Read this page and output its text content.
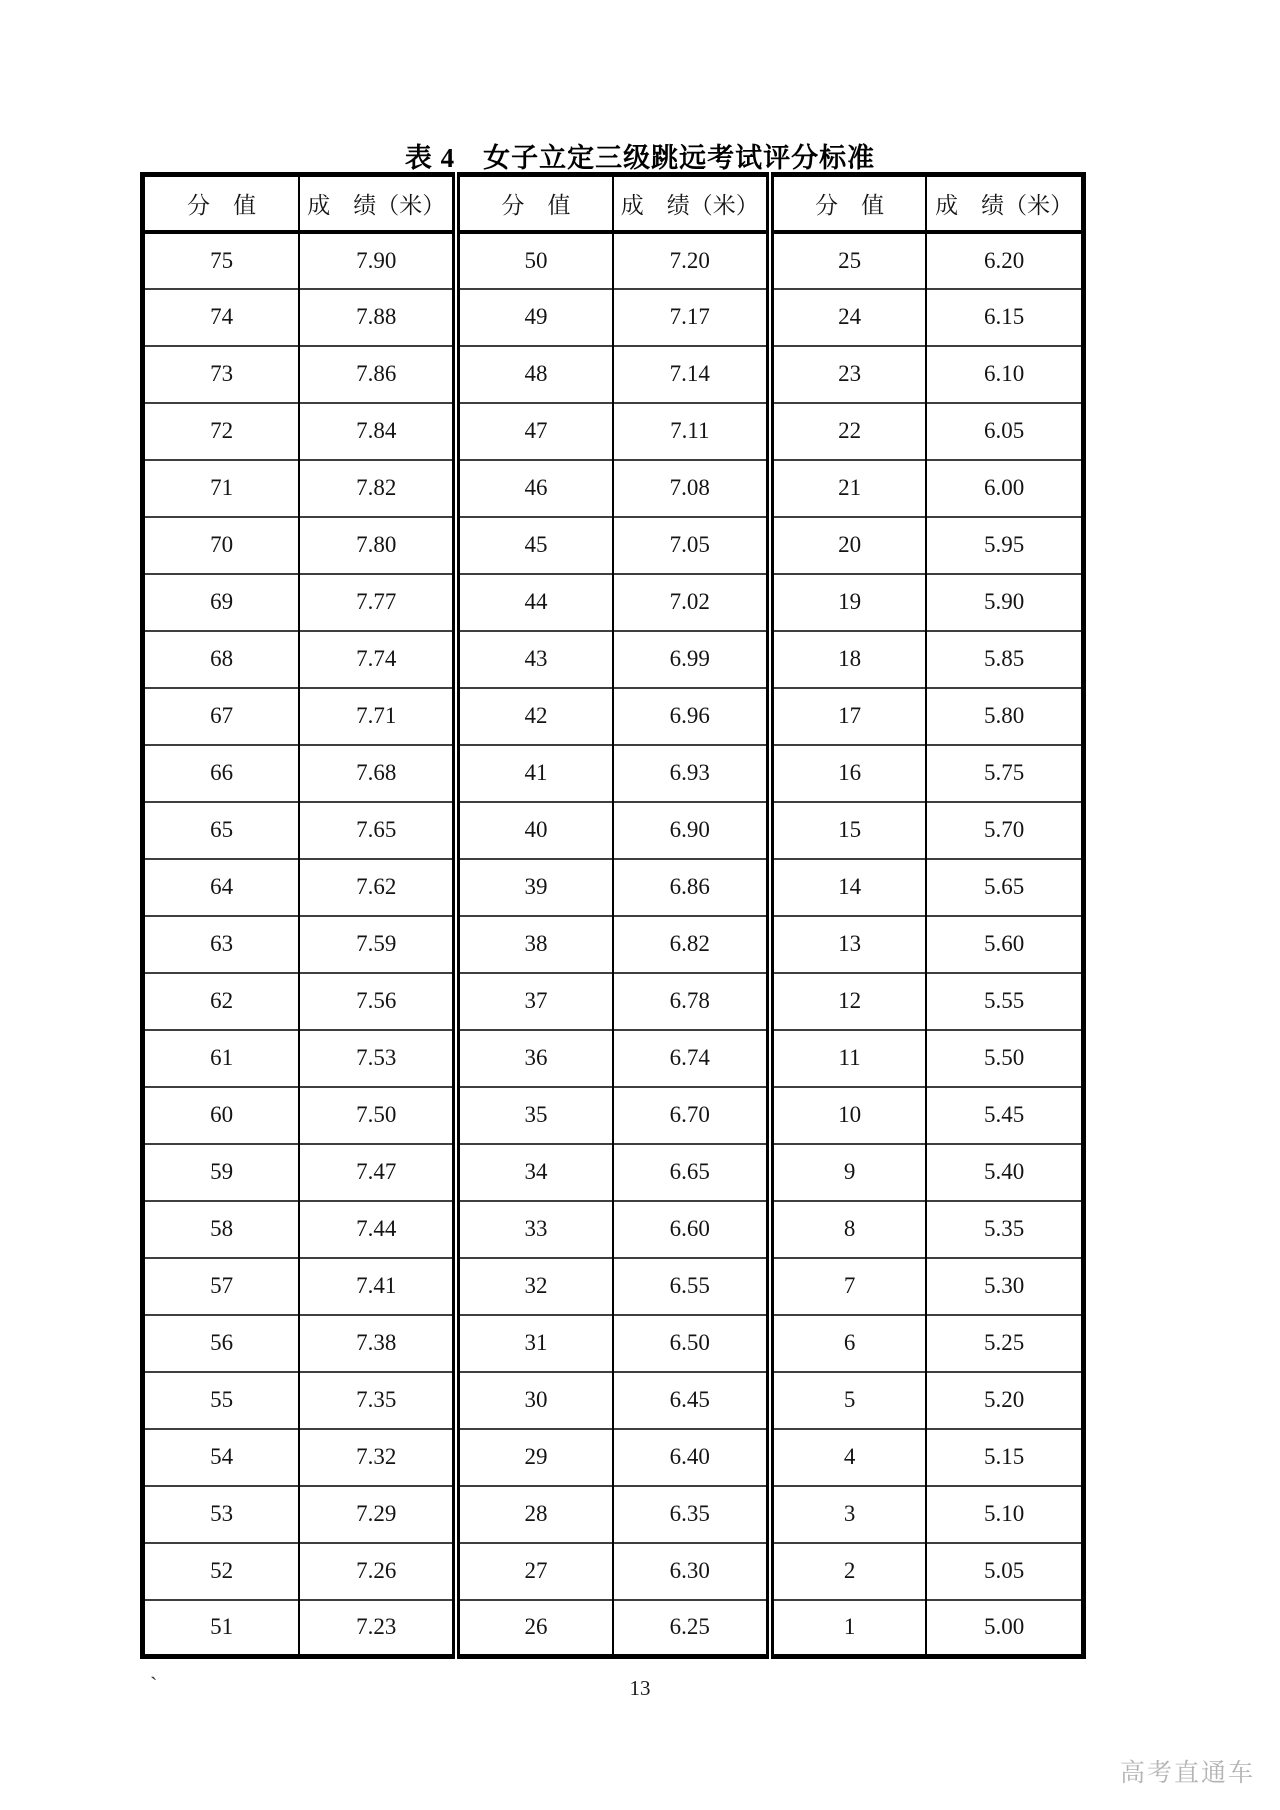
表 4　女子立定三级跳远考试评分标准
分　值	成　绩（米）	分　值	成　绩（米）	分　值	成　绩（米）
75	7.90	50	7.20	25	6.20
74	7.88	49	7.17	24	6.15
73	7.86	48	7.14	23	6.10
72	7.84	47	7.11	22	6.05
71	7.82	46	7.08	21	6.00
70	7.80	45	7.05	20	5.95
69	7.77	44	7.02	19	5.90
68	7.74	43	6.99	18	5.85
67	7.71	42	6.96	17	5.80
66	7.68	41	6.93	16	5.75
65	7.65	40	6.90	15	5.70
64	7.62	39	6.86	14	5.65
63	7.59	38	6.82	13	5.60
62	7.56	37	6.78	12	5.55
61	7.53	36	6.74	11	5.50
60	7.50	35	6.70	10	5.45
59	7.47	34	6.65	9	5.40
58	7.44	33	6.60	8	5.35
57	7.41	32	6.55	7	5.30
56	7.38	31	6.50	6	5.25
55	7.35	30	6.45	5	5.20
54	7.32	29	6.40	4	5.15
53	7.29	28	6.35	3	5.10
52	7.26	27	6.30	2	5.05
51	7.23	26	6.25	1	5.00
`	13
高考直通车
